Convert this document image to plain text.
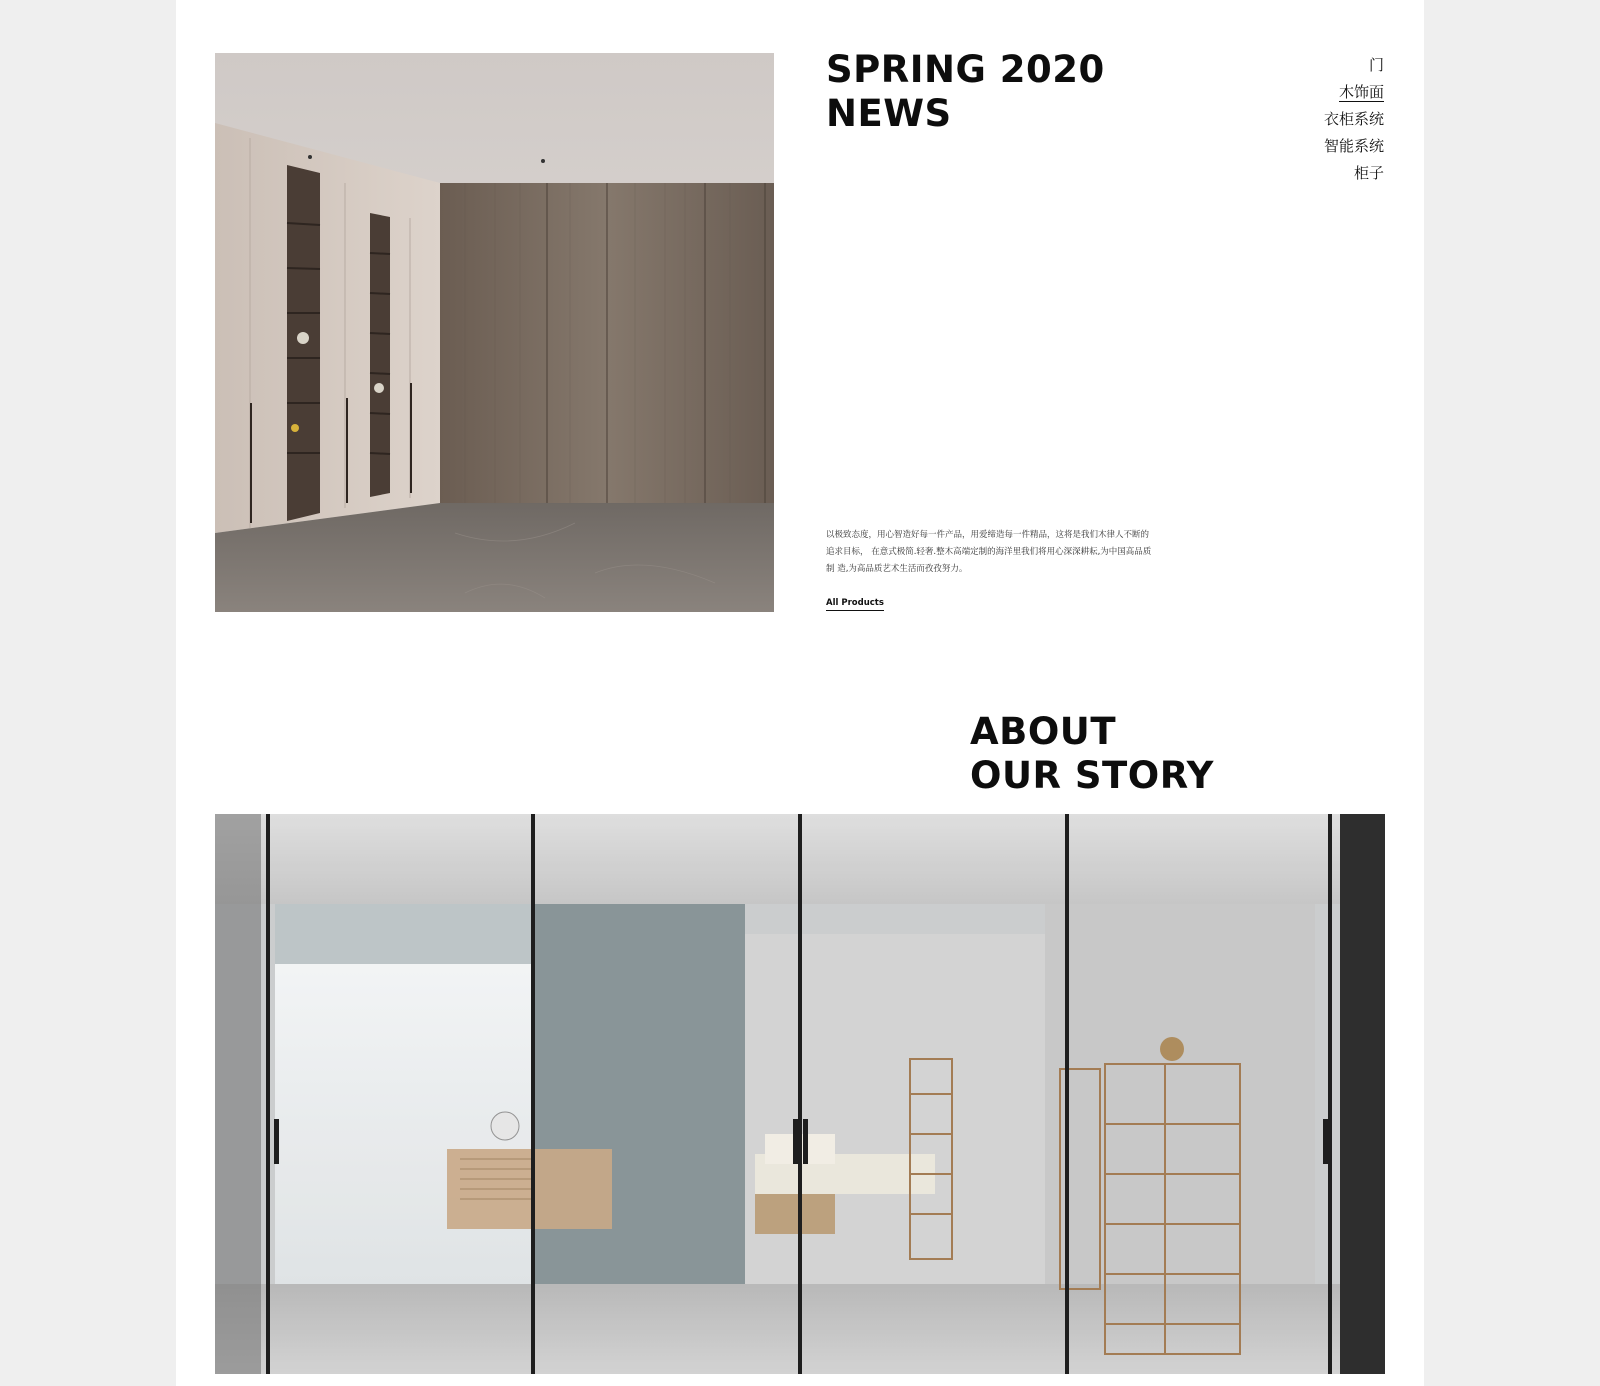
SPRING 2020
NEWS
门
木饰面
衣柜系统
智能系统
柜子

以极致态度，用心智造好每一件产品，用爱缔造每一件精品，这将是我们木律人不断的追求目标， 在意式极简.轻奢.整木高端定制的海洋里我们将用心深深耕耘,为中国高品质制 造,为高品质艺术生活而孜孜努力。

All Products
ABOUT
OUR STORY
